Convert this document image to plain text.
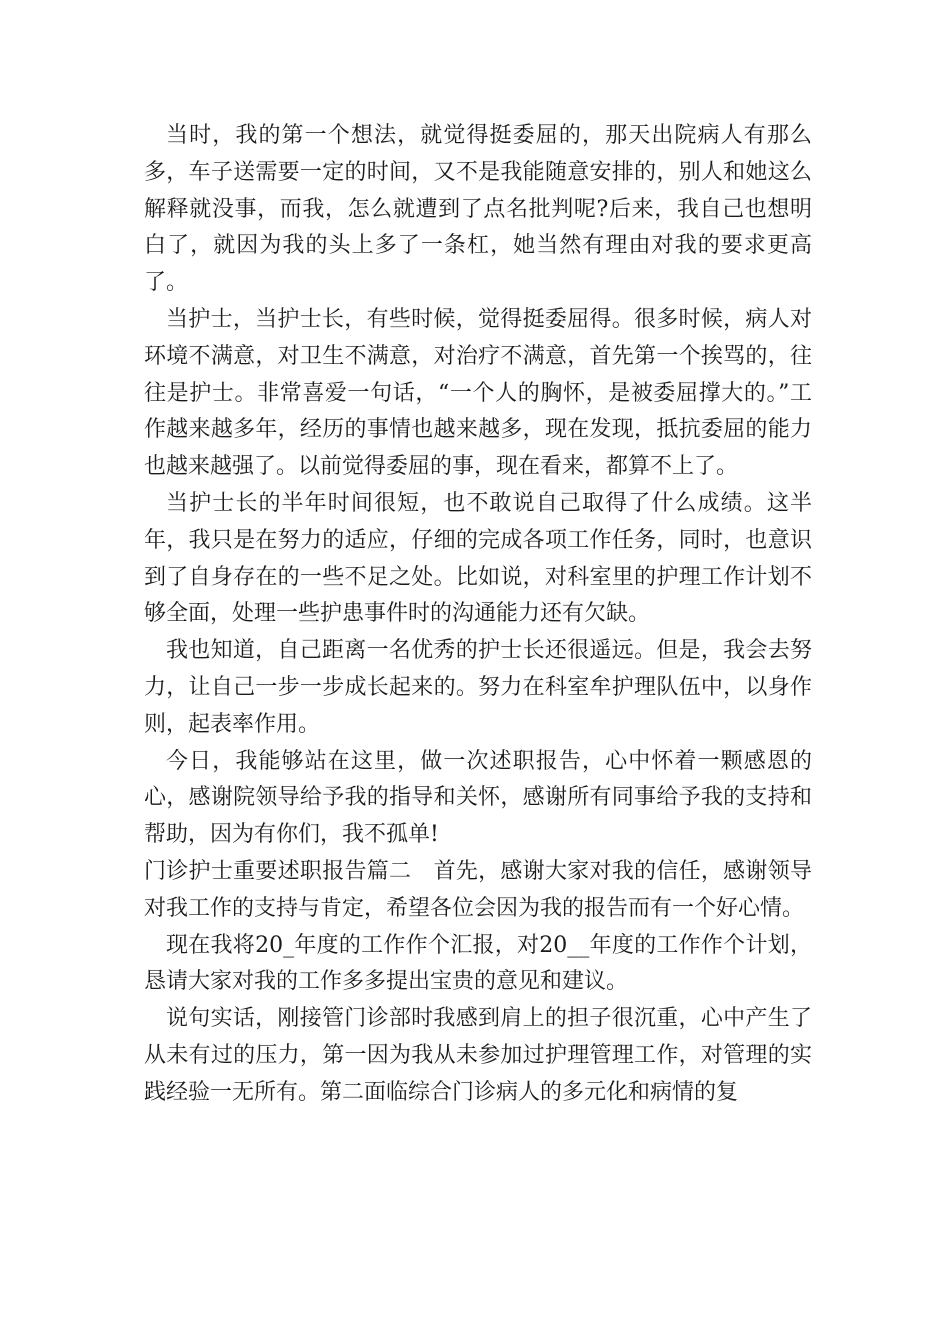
当时，我的第一个想法，就觉得挺委屈的，那天出院病人有那么多，车子送需要一定的时间，又不是我能随意安排的，别人和她这么解释就没事，而我，怎么就遭到了点名批判呢?后来，我自己也想明白了，就因为我的头上多了一条杠，她当然有理由对我的要求更高了。

当护士，当护士长，有些时候，觉得挺委屈得。很多时候，病人对环境不满意，对卫生不满意，对治疗不满意，首先第一个挨骂的，往往是护士。非常喜爱一句话，“一个人的胸怀，是被委屈撑大的。”工作越来越多年，经历的事情也越来越多，现在发现，抵抗委屈的能力也越来越强了。以前觉得委屈的事，现在看来，都算不上了。

当护士长的半年时间很短，也不敢说自己取得了什么成绩。这半年，我只是在努力的适应，仔细的完成各项工作任务，同时，也意识到了自身存在的一些不足之处。比如说，对科室里的护理工作计划不够全面，处理一些护患事件时的沟通能力还有欠缺。

我也知道，自己距离一名优秀的护士长还很遥远。但是，我会去努力，让自己一步一步成长起来的。努力在科室牟护理队伍中，以身作则，起表率作用。

今日，我能够站在这里，做一次述职报告，心中怀着一颗感恩的心，感谢院领导给予我的指导和关怀，感谢所有同事给予我的支持和帮助，因为有你们，我不孤单!

门诊护士重要述职报告篇二　首先，感谢大家对我的信任，感谢领导对我工作的支持与肯定，希望各位会因为我的报告而有一个好心情。

现在我将20_年度的工作作个汇报，对20__年度的工作作个计划，恳请大家对我的工作多多提出宝贵的意见和建议。

说句实话，刚接管门诊部时我感到肩上的担子很沉重，心中产生了从未有过的压力，第一因为我从未参加过护理管理工作，对管理的实践经验一无所有。第二面临综合门诊病人的多元化和病情的复
